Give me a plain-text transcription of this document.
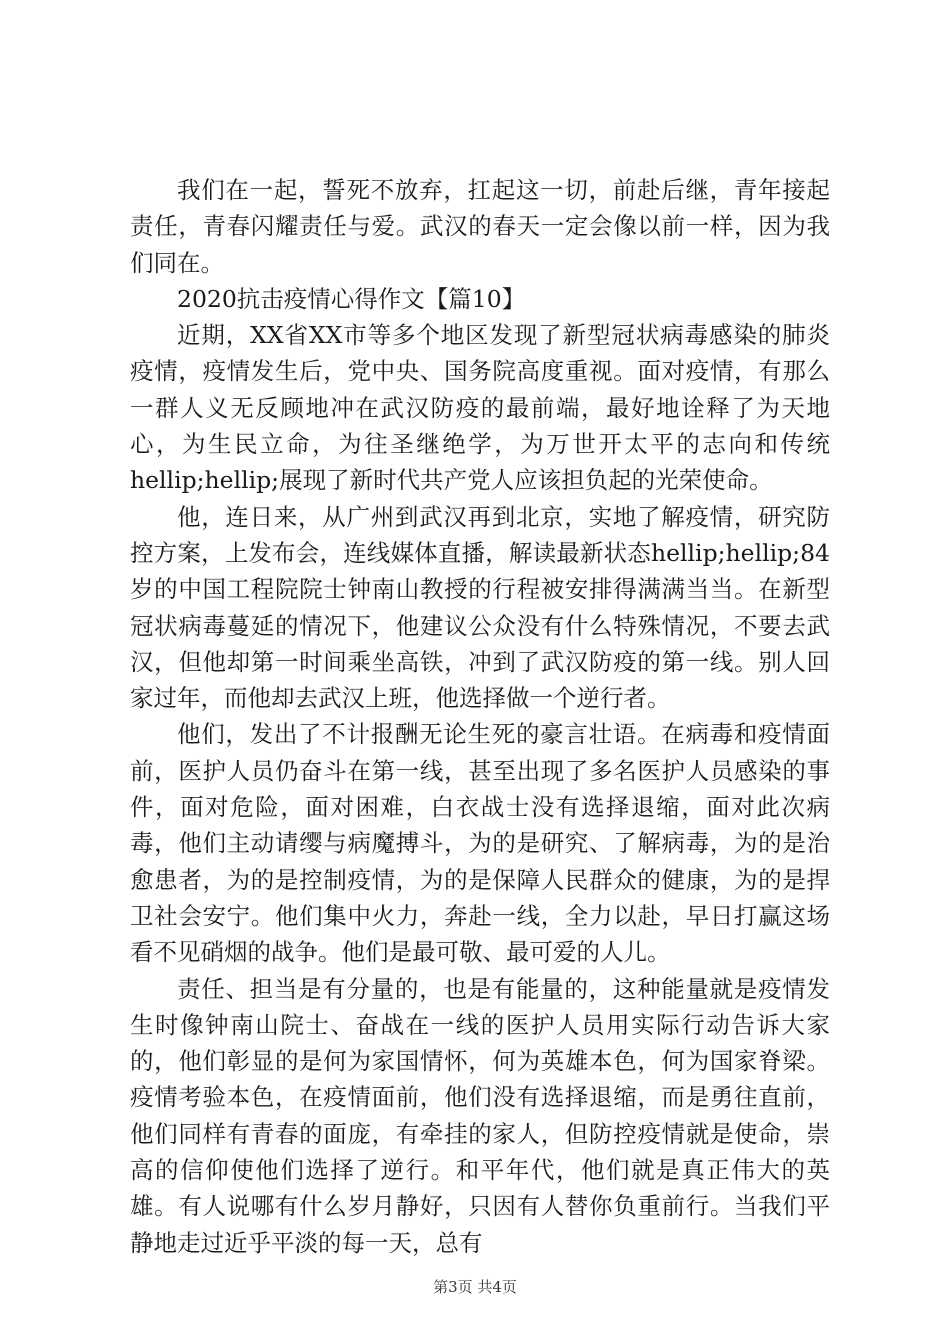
我们在一起，誓死不放弃，扛起这一切，前赴后继，青年接起责任，青春闪耀责任与爱。武汉的春天一定会像以前一样，因为我们同在。

2020抗击疫情心得作文【篇10】

近期，XX省XX市等多个地区发现了新型冠状病毒感染的肺炎疫情，疫情发生后，党中央、国务院高度重视。面对疫情，有那么一群人义无反顾地冲在武汉防疫的最前端，最好地诠释了为天地心，为生民立命，为往圣继绝学，为万世开太平的志向和传统hellip;hellip;展现了新时代共产党人应该担负起的光荣使命。

他，连日来，从广州到武汉再到北京，实地了解疫情，研究防控方案，上发布会，连线媒体直播，解读最新状态hellip;hellip;84岁的中国工程院院士钟南山教授的行程被安排得满满当当。在新型冠状病毒蔓延的情况下，他建议公众没有什么特殊情况，不要去武汉，但他却第一时间乘坐高铁，冲到了武汉防疫的第一线。别人回家过年，而他却去武汉上班，他选择做一个逆行者。

他们，发出了不计报酬无论生死的豪言壮语。在病毒和疫情面前，医护人员仍奋斗在第一线，甚至出现了多名医护人员感染的事件，面对危险，面对困难，白衣战士没有选择退缩，面对此次病毒，他们主动请缨与病魔搏斗，为的是研究、了解病毒，为的是治愈患者，为的是控制疫情，为的是保障人民群众的健康，为的是捍卫社会安宁。他们集中火力，奔赴一线，全力以赴，早日打赢这场看不见硝烟的战争。他们是最可敬、最可爱的人儿。

责任、担当是有分量的，也是有能量的，这种能量就是疫情发生时像钟南山院士、奋战在一线的医护人员用实际行动告诉大家的，他们彰显的是何为家国情怀，何为英雄本色，何为国家脊梁。疫情考验本色，在疫情面前，他们没有选择退缩，而是勇往直前，他们同样有青春的面庞，有牵挂的家人，但防控疫情就是使命，崇高的信仰使他们选择了逆行。和平年代，他们就是真正伟大的英雄。有人说哪有什么岁月静好，只因有人替你负重前行。当我们平静地走过近乎平淡的每一天，总有

第3页 共4页
